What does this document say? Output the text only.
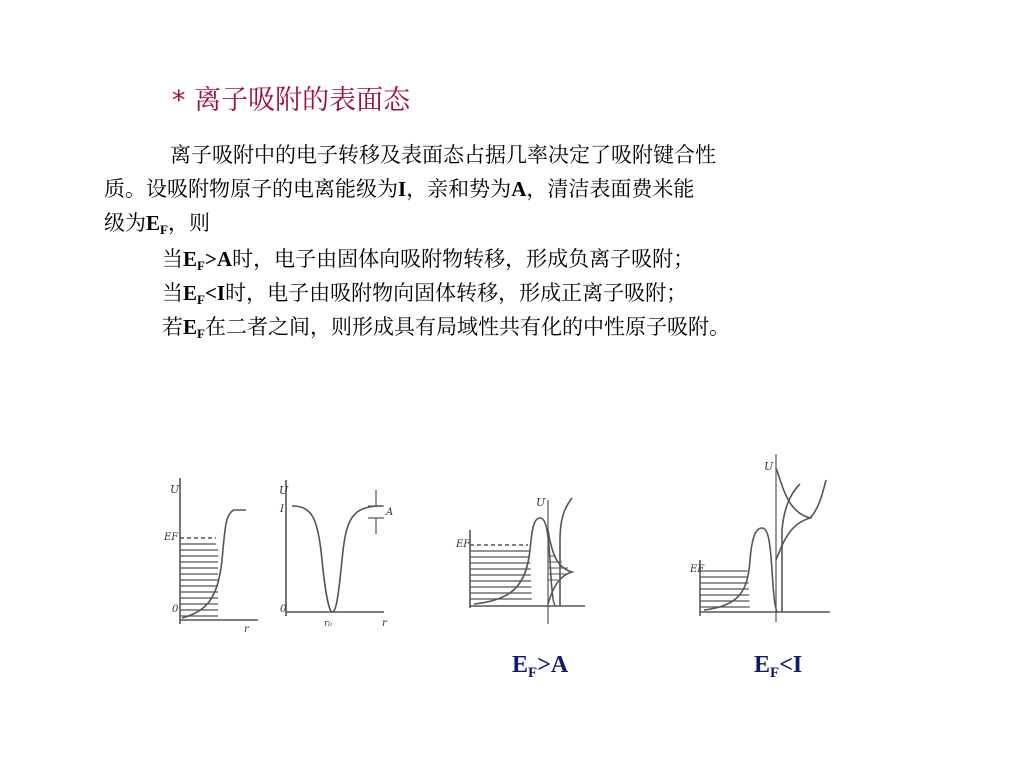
* 离子吸附的表面态
离子吸附中的电子转移及表面态占据几率决定了吸附键合性
质。设吸附物原子的电离能级为I，亲和势为A，清洁表面费米能
级为$E_F$，则
当$E_F>A$时，电子由固体向吸附物转移，形成负离子吸附；
当$E_F<I$时，电子由吸附物向固体转移，形成正离子吸附；
若$E_F$在二者之间，则形成具有局域性共有化的中性原子吸附。
U
EF
0
r
U
I
0
r₀	r
A
U
EF
U
EF
$E_F>A$	$E_F<I$
